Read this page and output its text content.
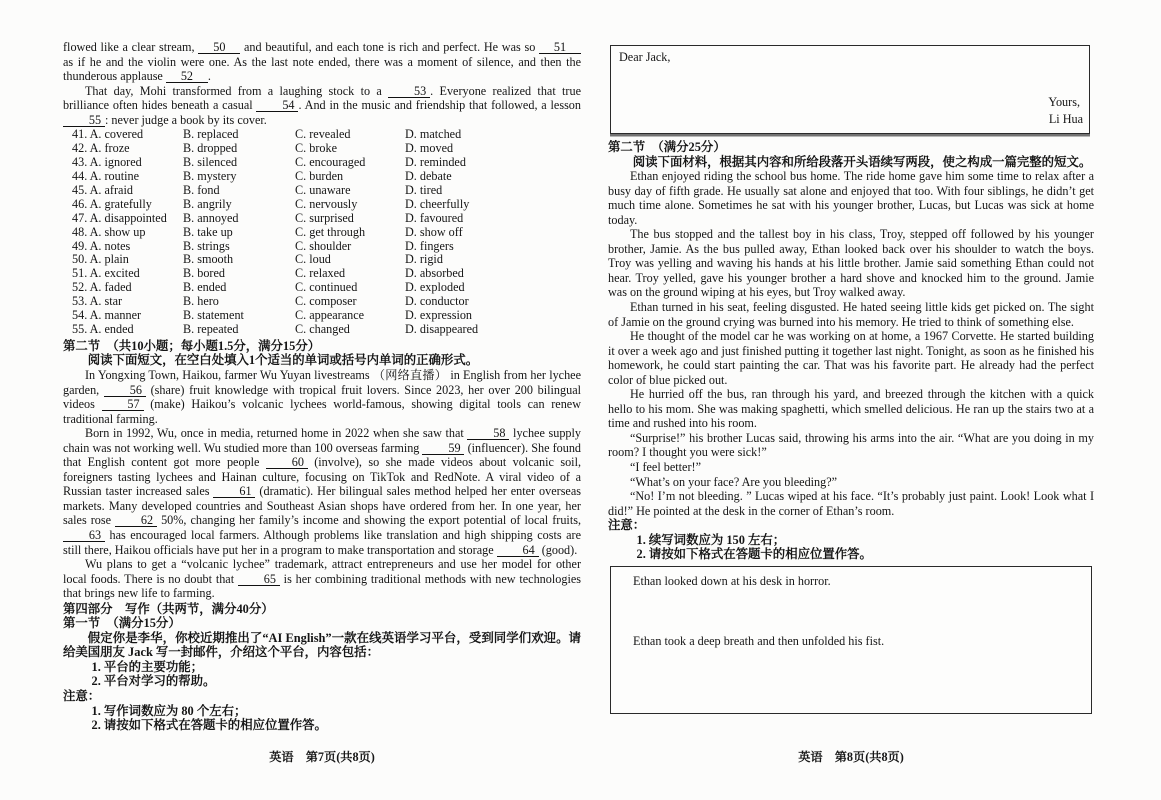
flowed like a clear stream, 50 and beautiful, and each tone is rich and perfect. He was so 51 as if he and the violin were one. As the last note ended, there was a moment of silence, and then the thunderous applause 52 .

That day, Mohi transformed from a laughing stock to a 53 . Everyone realized that true brilliance often hides beneath a casual 54 . And in the music and friendship that followed, a lesson 55 : never judge a book by its cover.

41. A. covered	B. replaced	C. revealed	D. matched
42. A. froze	B. dropped	C. broke	D. moved
43. A. ignored	B. silenced	C. encouraged	D. reminded
44. A. routine	B. mystery	C. burden	D. debate
45. A. afraid	B. fond	C. unaware	D. tired
46. A. gratefully	B. angrily	C. nervously	D. cheerfully
47. A. disappointed	B. annoyed	C. surprised	D. favoured
48. A. show up	B. take up	C. get through	D. show off
49. A. notes	B. strings	C. shoulder	D. fingers
50. A. plain	B. smooth	C. loud	D. rigid
51. A. excited	B. bored	C. relaxed	D. absorbed
52. A. faded	B. ended	C. continued	D. exploded
53. A. star	B. hero	C. composer	D. conductor
54. A. manner	B. statement	C. appearance	D. expression
55. A. ended	B. repeated	C. changed	D. disappeared

第二节　（共10小题；每小题1.5分，满分15分）

阅读下面短文，在空白处填入1个适当的单词或括号内单词的正确形式。

In Yongxing Town, Haikou, farmer Wu Yuyan livestreams （网络直播） in English from her lychee garden, 56 (share) fruit knowledge with tropical fruit lovers. Since 2023, her over 200 bilingual videos 57 (make) Haikou’s volcanic lychees world-famous, showing digital tools can renew traditional farming.

Born in 1992, Wu, once in media, returned home in 2022 when she saw that 58 lychee supply chain was not working well. Wu studied more than 100 overseas farming 59 (influencer). She found that English content got more people 60 (involve), so she made videos about volcanic soil, foreigners tasting lychees and Hainan culture, focusing on TikTok and RedNote. A viral video of a Russian taster increased sales 61 (dramatic). Her bilingual sales method helped her enter overseas markets. Many developed countries and Southeast Asian shops have ordered from her. In one year, her sales rose 62 50%, changing her family’s income and showing the export potential of local fruits, 63 has encouraged local farmers. Although problems like translation and high shipping costs are still there, Haikou officials have put her in a program to make transportation and storage 64 (good).

Wu plans to get a “volcanic lychee” trademark, attract entrepreneurs and use her model for other local foods. There is no doubt that 65 is her combining traditional methods with new technologies that brings new life to farming.

第四部分　写作（共两节，满分40分）

第一节　（满分15分）

假定你是李华，你校近期推出了“AI English”一款在线英语学习平台，受到同学们欢迎。请给美国朋友 Jack 写一封邮件，介绍这个平台，内容包括：

1. 平台的主要功能；

2. 平台对学习的帮助。

注意：

1. 写作词数应为 80 个左右；

2. 请按如下格式在答题卡的相应位置作答。

Dear Jack,

Yours,

Li Hua

第二节　（满分25分）

阅读下面材料，根据其内容和所给段落开头语续写两段，使之构成一篇完整的短文。

Ethan enjoyed riding the school bus home. The ride home gave him some time to relax after a busy day of fifth grade. He usually sat alone and enjoyed that too. With four siblings, he didn’t get much time alone. Sometimes he sat with his younger brother, Lucas, but Lucas was sick at home today.

The bus stopped and the tallest boy in his class, Troy, stepped off followed by his younger brother, Jamie. As the bus pulled away, Ethan looked back over his shoulder to watch the boys. Troy was yelling and waving his hands at his little brother. Jamie said something Ethan could not hear. Troy yelled, gave his younger brother a hard shove and knocked him to the ground. Jamie was on the ground wiping at his eyes, but Troy walked away.

Ethan turned in his seat, feeling disgusted. He hated seeing little kids get picked on. The sight of Jamie on the ground crying was burned into his memory. He tried to think of something else.

He thought of the model car he was working on at home, a 1967 Corvette. He started building it over a week ago and just finished putting it together last night. Tonight, as soon as he finished his homework, he could start painting the car. That was his favorite part. He already had the perfect color of blue picked out.

He hurried off the bus, ran through his yard, and breezed through the kitchen with a quick hello to his mom. She was making spaghetti, which smelled delicious. He ran up the stairs two at a time and rushed into his room.

“Surprise!” his brother Lucas said, throwing his arms into the air. “What are you doing in my room? I thought you were sick!”

“I feel better!”

“What’s on your face? Are you bleeding?”

“No! I’m not bleeding. ” Lucas wiped at his face. “It’s probably just paint. Look! Look what I did!” He pointed at the desk in the corner of Ethan’s room.

注意：

1. 续写词数应为 150 左右；

2. 请按如下格式在答题卡的相应位置作答。

Ethan looked down at his desk in horror.

Ethan took a deep breath and then unfolded his fist.

英语　第7页(共8页)	英语　第8页(共8页)
